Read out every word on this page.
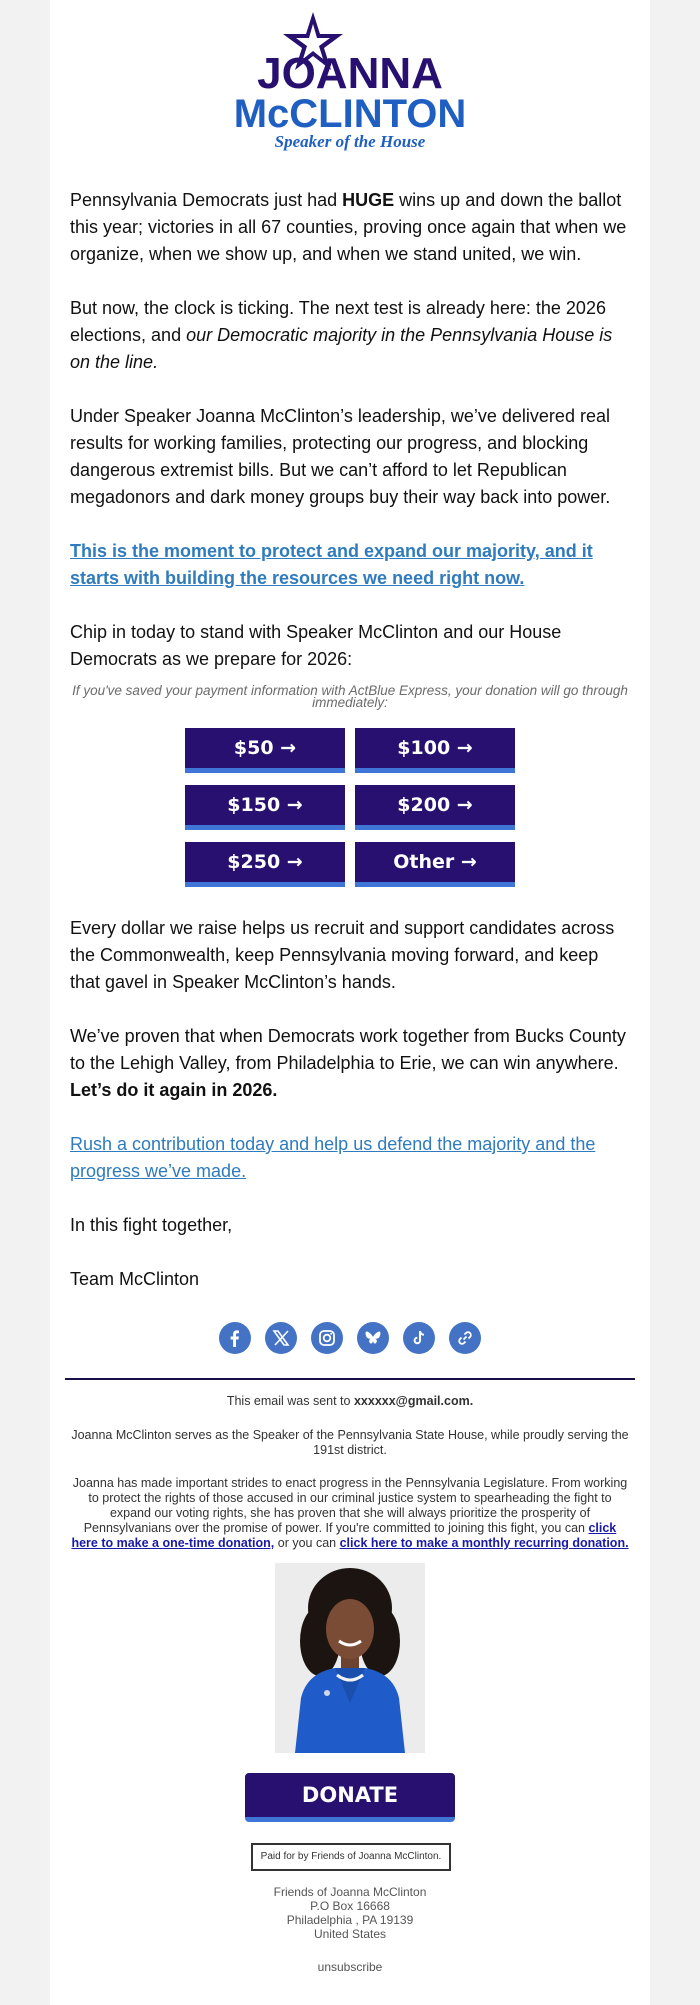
JOANNA
McCLINTON
Speaker of the House

Pennsylvania Democrats just had HUGE wins up and down the ballot this year; victories in all 67 counties, proving once again that when we organize, when we show up, and when we stand united, we win.

But now, the clock is ticking. The next test is already here: the 2026 elections, and our Democratic majority in the Pennsylvania House is on the line.

Under Speaker Joanna McClinton’s leadership, we’ve delivered real results for working families, protecting our progress, and blocking dangerous extremist bills. But we can’t afford to let Republican megadonors and dark money groups buy their way back into power.

This is the moment to protect and expand our majority, and it starts with building the resources we need right now.

Chip in today to stand with Speaker McClinton and our House Democrats as we prepare for 2026:

If you've saved your payment information with ActBlue Express, your donation will go through immediately:
$50 →	$100 →
$150 →	$200 →
$250 →	Other →

Every dollar we raise helps us recruit and support candidates across the Commonwealth, keep Pennsylvania moving forward, and keep that gavel in Speaker McClinton’s hands.

We’ve proven that when Democrats work together from Bucks County to the Lehigh Valley, from Philadelphia to Erie, we can win anywhere. Let’s do it again in 2026.

Rush a contribution today and help us defend the majority and the progress we’ve made.

In this fight together,

Team McClinton

This email was sent to xxxxxx@gmail.com.

Joanna McClinton serves as the Speaker of the Pennsylvania State House, while proudly serving the 191st district.

Joanna has made important strides to enact progress in the Pennsylvania Legislature. From working to protect the rights of those accused in our criminal justice system to spearheading the fight to expand our voting rights, she has proven that she will always prioritize the prosperity of Pennsylvanians over the promise of power. If you're committed to joining this fight, you can click here to make a one-time donation, or you can click here to make a monthly recurring donation.

DONATE
Paid for by Friends of Joanna McClinton.
Friends of Joanna McClinton
P.O Box 16668
Philadelphia , PA 19139
United States
unsubscribe
